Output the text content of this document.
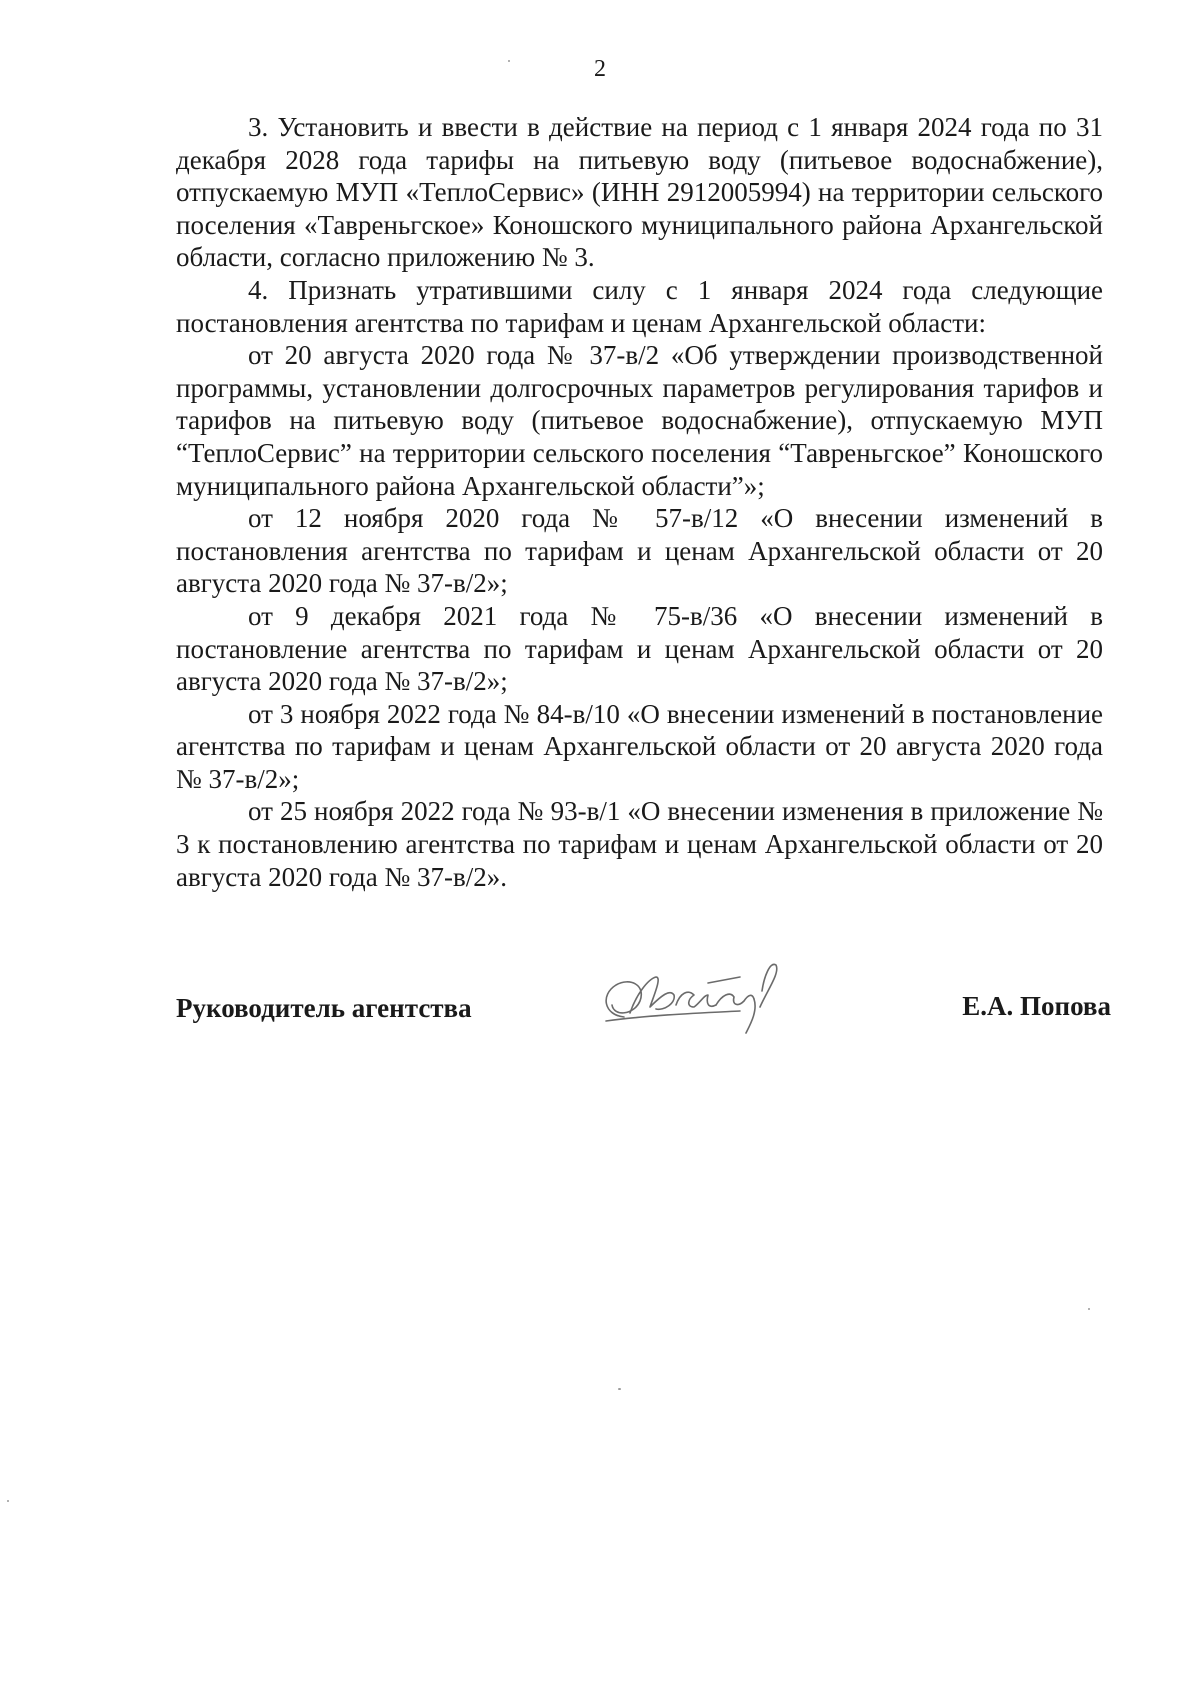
2

3. Установить и ввести в действие на период с 1 января 2024 года по 31 декабря 2028 года тарифы на питьевую воду (питьевое водоснабжение), отпускаемую МУП «ТеплоСервис» (ИНН 2912005994) на территории сельского поселения «Тавреньгское» Коношского муниципального района Архангельской области, согласно приложению № 3.

4. Признать утратившими силу с 1 января 2024 года следующие постановления агентства по тарифам и ценам Архангельской области:

от 20 августа 2020 года № 37-в/2 «Об утверждении производственной программы, установлении долгосрочных параметров регулирования тарифов и тарифов на питьевую воду (питьевое водоснабжение), отпускаемую МУП “ТеплоСервис” на территории сельского поселения “Тавреньгское” Коношского муниципального района Архангельской области”»;

от 12 ноября 2020 года № 57-в/12 «О внесении изменений в постановления агентства по тарифам и ценам Архангельской области от 20 августа 2020 года № 37-в/2»;

от 9 декабря 2021 года № 75-в/36 «О внесении изменений в постановление агентства по тарифам и ценам Архангельской области от 20 августа 2020 года № 37-в/2»;

от 3 ноября 2022 года № 84-в/10 «О внесении изменений в постановление агентства по тарифам и ценам Архангельской области от 20 августа 2020 года № 37-в/2»;

от 25 ноября 2022 года № 93-в/1 «О внесении изменения в приложение № 3 к постановлению агентства по тарифам и ценам Архангельской области от 20 августа 2020 года № 37-в/2».

Руководитель агентства	Е.А. Попова
